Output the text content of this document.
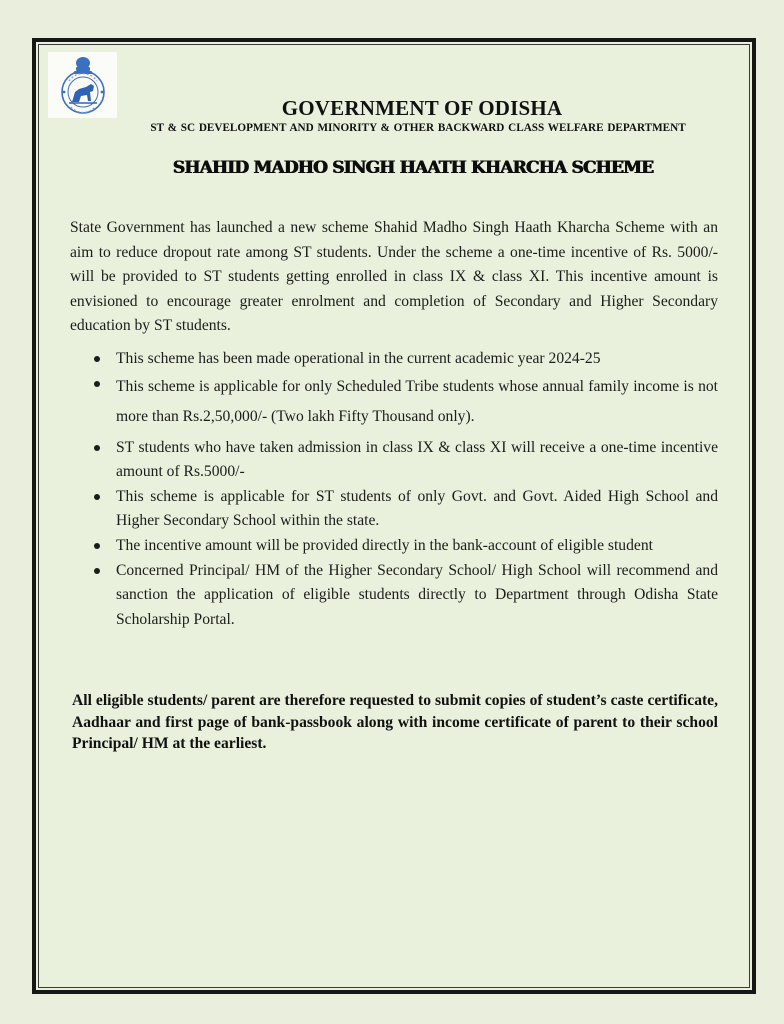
GOVERNMENT OF ODISHA
ST & SC DEVELOPMENT AND MINORITY & OTHER BACKWARD CLASS WELFARE DEPARTMENT
SHAHID MADHO SINGH HAATH KHARCHA SCHEME

State Government has launched a new scheme Shahid Madho Singh Haath Kharcha Scheme with an aim to reduce dropout rate among ST students. Under the scheme a one-time incentive of Rs. 5000/- will be provided to ST students getting enrolled in class IX & class XI. This incentive amount is envisioned to encourage greater enrolment and completion of Secondary and Higher Secondary education by ST students.

This scheme has been made operational in the current academic year 2024-25
This scheme is applicable for only Scheduled Tribe students whose annual family income is not more than Rs.2,50,000/- (Two lakh Fifty Thousand only).
ST students who have taken admission in class IX & class XI will receive a one-time incentive amount of Rs.5000/-
This scheme is applicable for ST students of only Govt. and Govt. Aided High School and Higher Secondary School within the state.
The incentive amount will be provided directly in the bank-account of eligible student
Concerned Principal/ HM of the Higher Secondary School/ High School will recommend and sanction the application of eligible students directly to Department through Odisha State Scholarship Portal.
All eligible students/ parent are therefore requested to submit copies of student’s caste certificate, Aadhaar and first page of bank-passbook along with income certificate of parent to their school Principal/ HM at the earliest.
